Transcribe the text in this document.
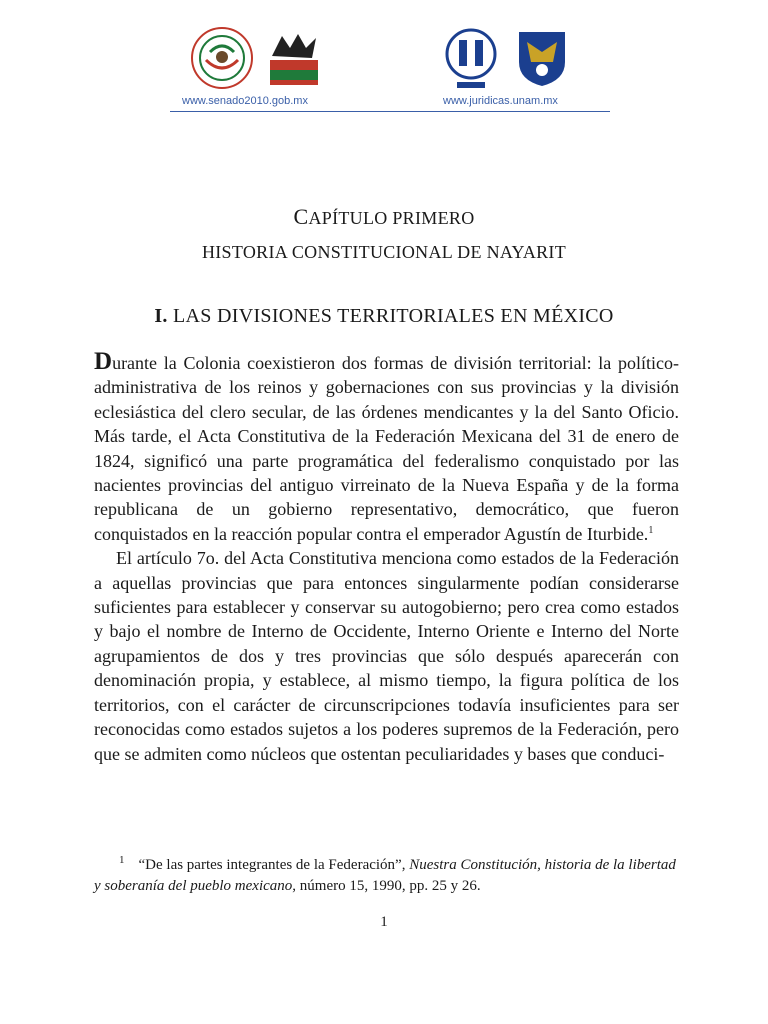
www.senado2010.gob.mx	www.juridicas.unam.mx
CAPÍTULO PRIMERO
HISTORIA CONSTITUCIONAL DE NAYARIT
I. LAS DIVISIONES TERRITORIALES EN MÉXICO

Durante la Colonia coexistieron dos formas de división territorial: la político-administrativa de los reinos y gobernaciones con sus provincias y la división eclesiástica del clero secular, de las órdenes mendicantes y la del Santo Oficio. Más tarde, el Acta Constitutiva de la Federación Mexicana del 31 de enero de 1824, significó una parte programática del federalismo conquistado por las nacientes provincias del antiguo virreinato de la Nueva España y de la forma republicana de un gobierno representativo, democrático, que fueron conquistados en la reacción popular contra el emperador Agustín de Iturbide.$^1$

El artículo 7o. del Acta Constitutiva menciona como estados de la Federación a aquellas provincias que para entonces singularmente podían considerarse suficientes para establecer y conservar su autogobierno; pero crea como estados y bajo el nombre de Interno de Occidente, Interno Oriente e Interno del Norte agrupamientos de dos y tres provincias que sólo después aparecerán con denominación propia, y establece, al mismo tiempo, la figura política de los territorios, con el carácter de circunscripciones todavía insuficientes para ser reconocidas como estados sujetos a los poderes supremos de la Federación, pero que se admiten como núcleos que ostentan peculiaridades y bases que conduci-

$^1$ “De las partes integrantes de la Federación”, Nuestra Constitución, historia de la libertad y soberanía del pueblo mexicano, número 15, 1990, pp. 25 y 26.
1
